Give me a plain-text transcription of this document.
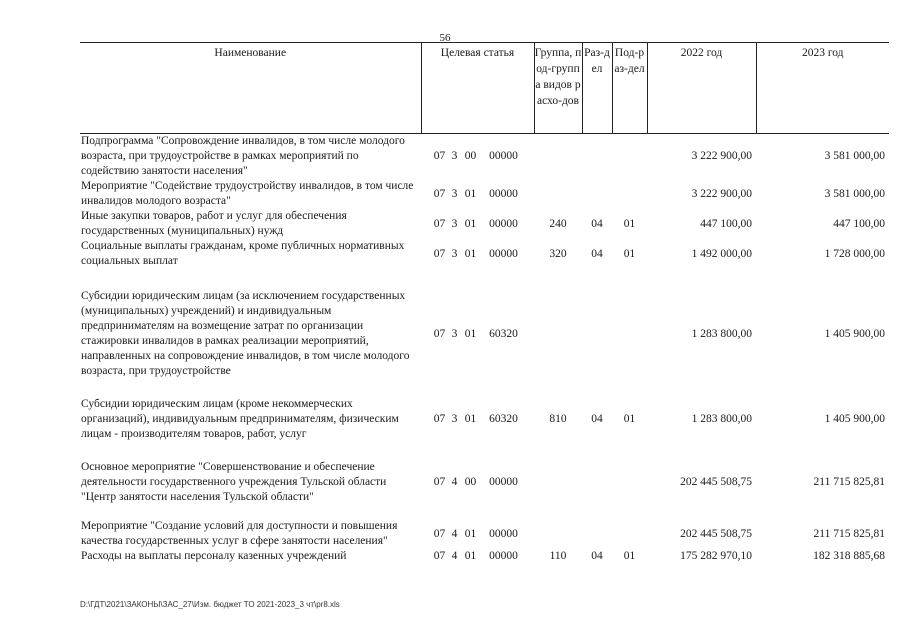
56
Наименование	Целевая статья	Группа, под-группа видов расхо-дов	Раз-дел	Под-раз-дел	2022 год	2023 год
Подпрограмма "Сопровождение инвалидов, в том числе молодого возраста, при трудоустройстве в рамках мероприятий по содействию занятости населения"	07 3 00 00000				3 222 900,00	3 581 000,00
Мероприятие "Содействие трудоустройству инвалидов, в том числе инвалидов молодого возраста"	07 3 01 00000				3 222 900,00	3 581 000,00
Иные закупки товаров, работ и услуг для обеспечения государственных (муниципальных) нужд	07 3 01 00000	240	04	01	447 100,00	447 100,00
Социальные выплаты гражданам, кроме публичных нормативных социальных выплат	07 3 01 00000	320	04	01	1 492 000,00	1 728 000,00

Субсидии юридическим лицам (за исключением государственных (муниципальных) учреждений) и индивидуальным предпринимателям на возмещение затрат по организации стажировки инвалидов в рамках реализации мероприятий, направленных на сопровождение инвалидов, в том числе молодого возраста, при трудоустройстве	07 3 01 60320				1 283 800,00	1 405 900,00

Субсидии юридическим лицам (кроме некоммерческих организаций), индивидуальным предпринимателям, физическим лицам - производителям товаров, работ, услуг	07 3 01 60320	810	04	01	1 283 800,00	1 405 900,00

Основное мероприятие "Совершенствование и обеспечение деятельности государственного учреждения Тульской области "Центр занятости населения Тульской области"	07 4 00 00000				202 445 508,75	211 715 825,81

Мероприятие "Создание условий для доступности и повышения качества государственных услуг в сфере занятости населения"	07 4 01 00000				202 445 508,75	211 715 825,81
Расходы на выплаты персоналу казенных учреждений	07 4 01 00000	110	04	01	175 282 970,10	182 318 885,68
D:\ГДТ\2021\ЗАКОНЫ\ЗАС_27\Изм. бюджет ТО 2021-2023_3 чт\pr8.xls
